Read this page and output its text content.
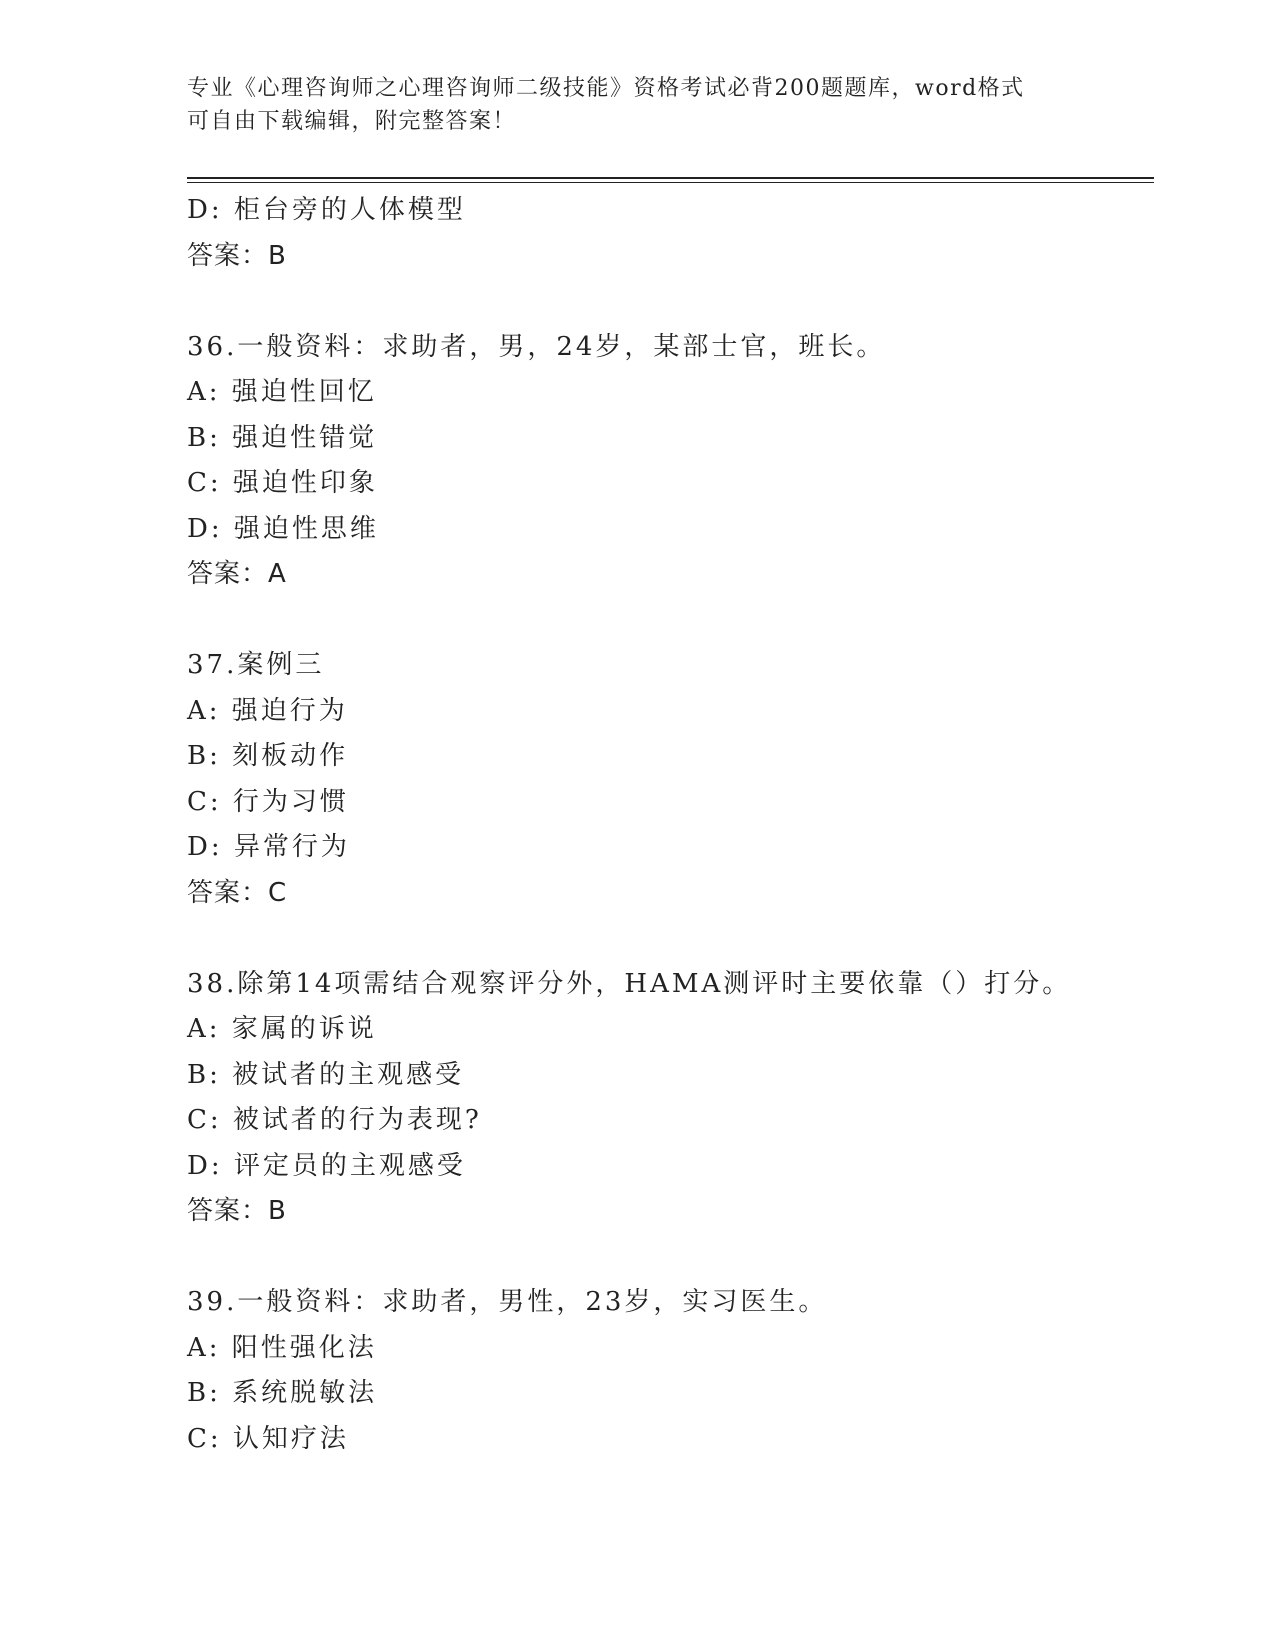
专业《心理咨询师之心理咨询师二级技能》资格考试必背200题题库，word格式
可自由下载编辑，附完整答案！
D: 柜台旁的人体模型
答案：B
36.一般资料：求助者，男，24岁，某部士官，班长。
A: 强迫性回忆
B: 强迫性错觉
C: 强迫性印象
D: 强迫性思维
答案：A
37.案例三
A: 强迫行为
B: 刻板动作
C: 行为习惯
D: 异常行为
答案：C
38.除第14项需结合观察评分外，HAMA测评时主要依靠（）打分。
A: 家属的诉说
B: 被试者的主观感受
C: 被试者的行为表现?
D: 评定员的主观感受
答案：B
39.一般资料：求助者，男性，23岁，实习医生。
A: 阳性强化法
B: 系统脱敏法
C: 认知疗法
